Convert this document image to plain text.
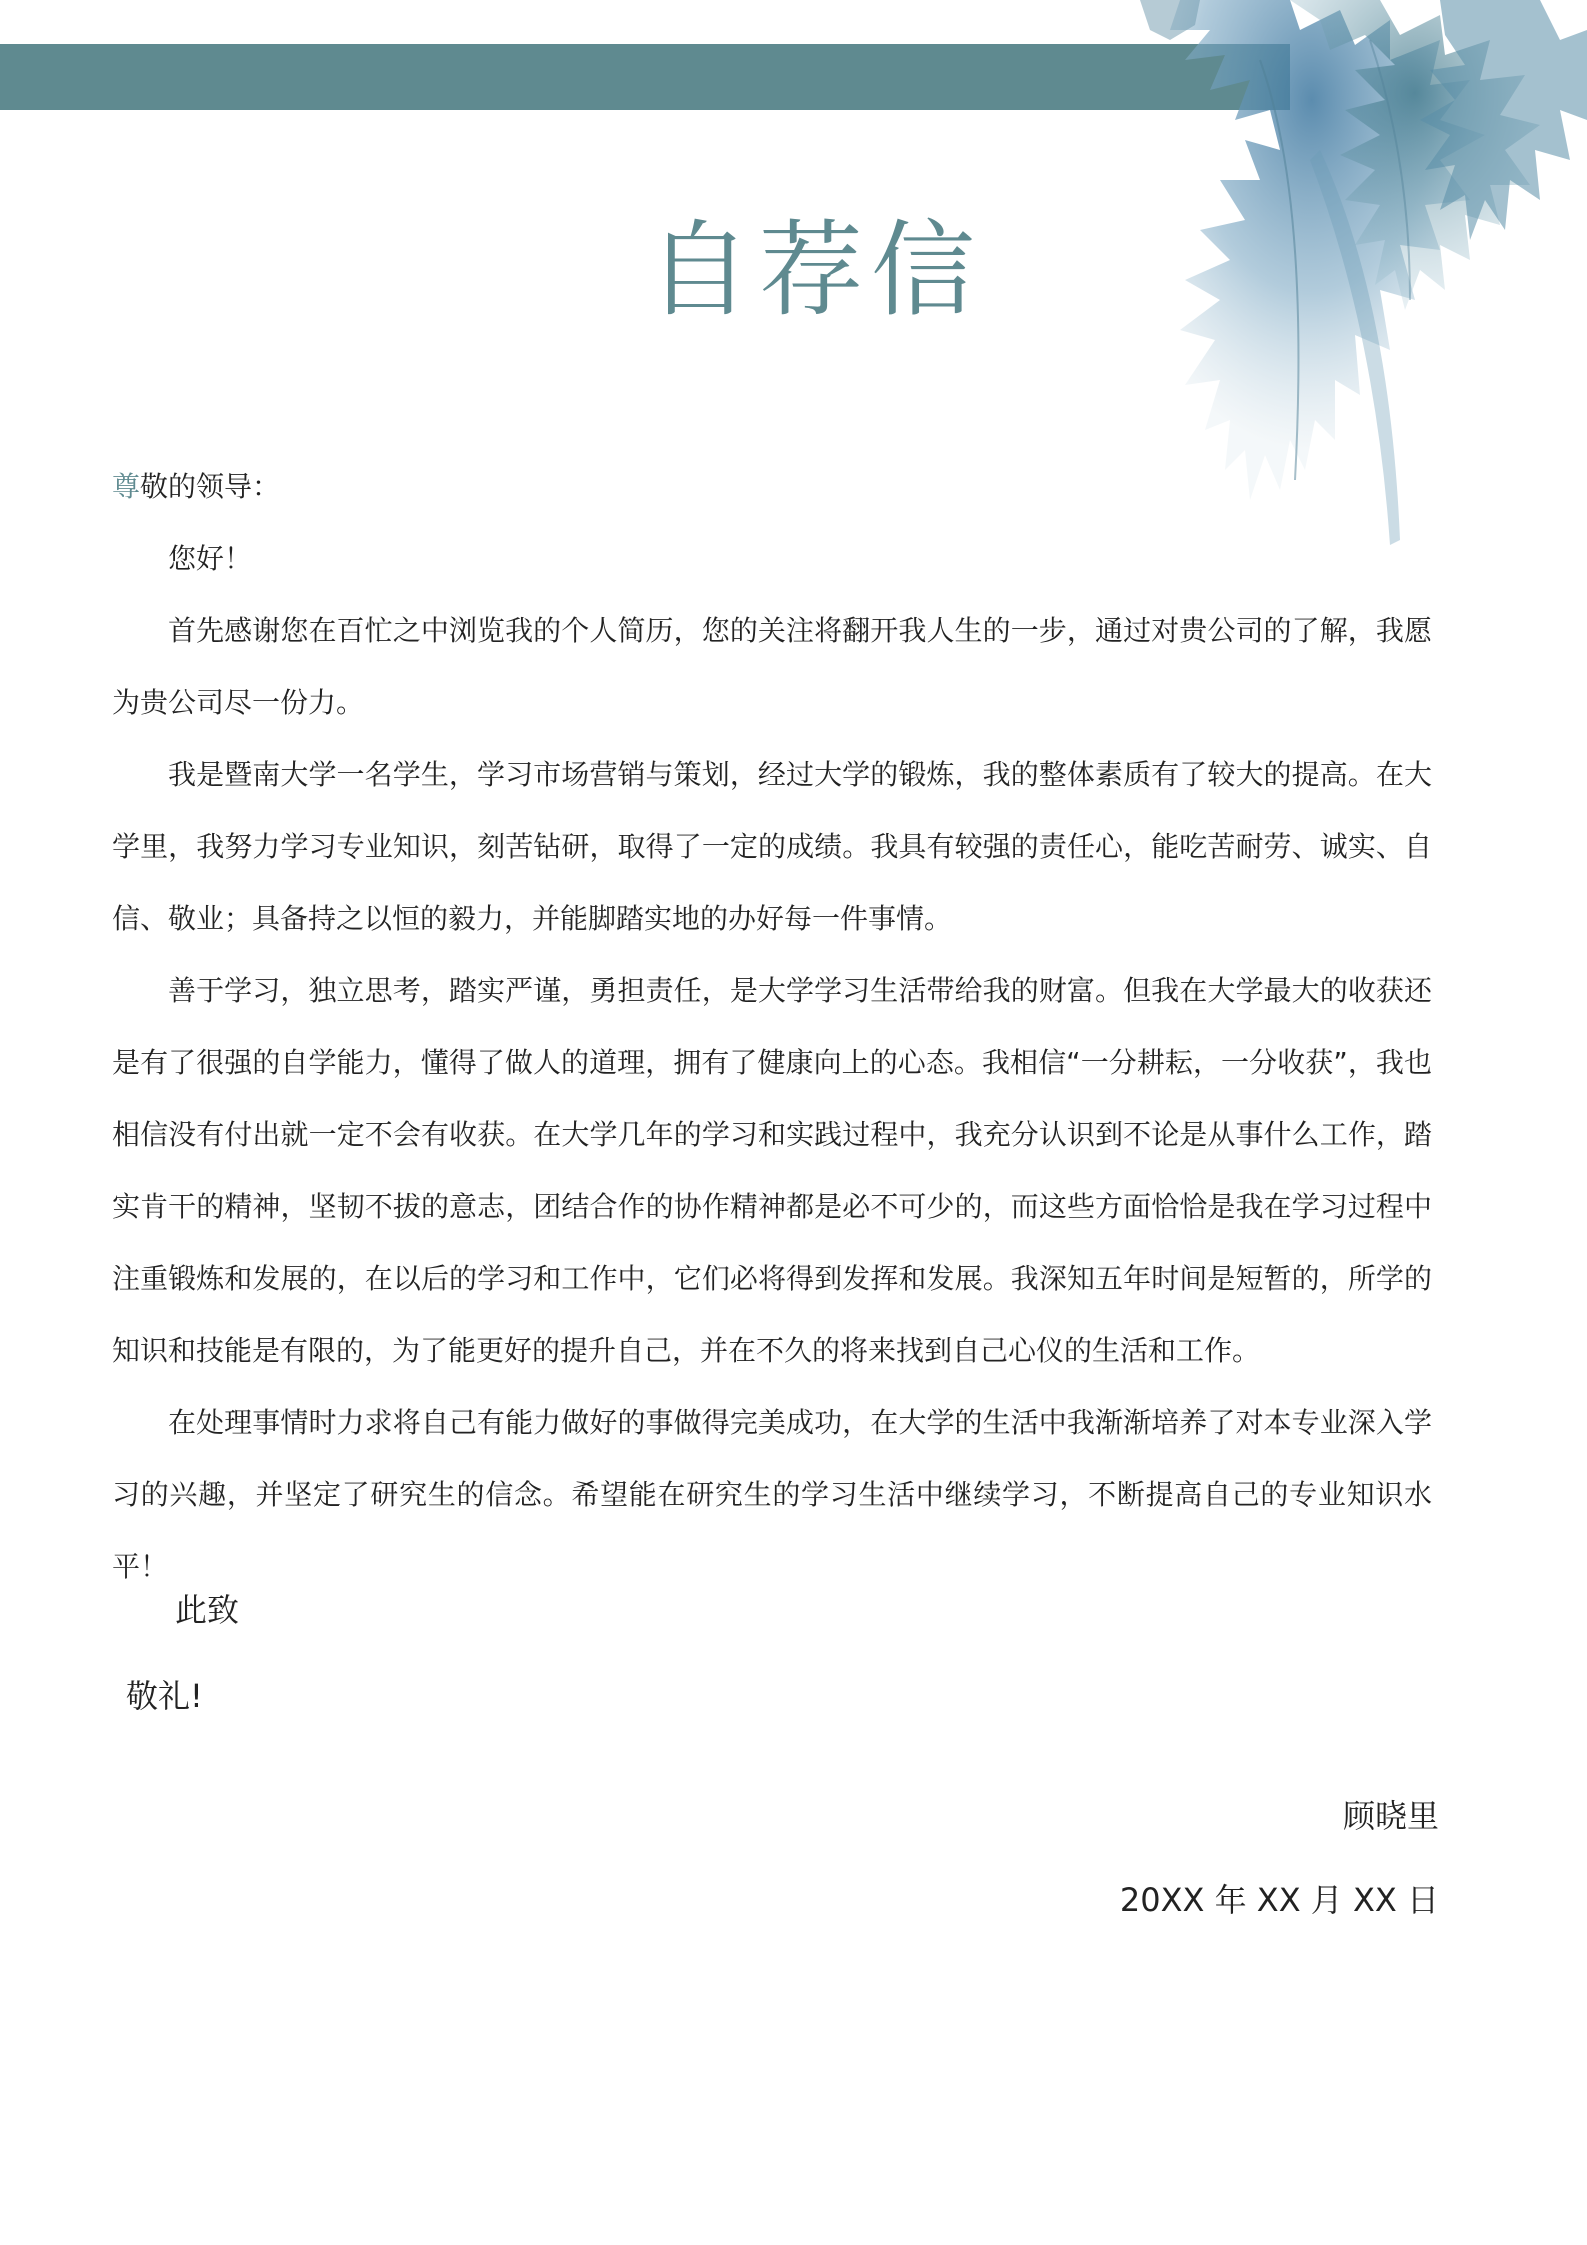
自荐信

尊敬的领导：

您好！

首先感谢您在百忙之中浏览我的个人简历，您的关注将翻开我人生的一步，通过对贵公司的了解，我愿为贵公司尽一份力。

我是暨南大学一名学生，学习市场营销与策划，经过大学的锻炼，我的整体素质有了较大的提高。在大学里，我努力学习专业知识，刻苦钻研，取得了一定的成绩。我具有较强的责任心，能吃苦耐劳、诚实、自信、敬业；具备持之以恒的毅力，并能脚踏实地的办好每一件事情。

善于学习，独立思考，踏实严谨，勇担责任，是大学学习生活带给我的财富。但我在大学最大的收获还是有了很强的自学能力，懂得了做人的道理，拥有了健康向上的心态。我相信“一分耕耘，一分收获”，我也相信没有付出就一定不会有收获。在大学几年的学习和实践过程中，我充分认识到不论是从事什么工作，踏实肯干的精神，坚韧不拔的意志，团结合作的协作精神都是必不可少的，而这些方面恰恰是我在学习过程中注重锻炼和发展的，在以后的学习和工作中，它们必将得到发挥和发展。我深知五年时间是短暂的，所学的知识和技能是有限的，为了能更好的提升自己，并在不久的将来找到自己心仪的生活和工作。

在处理事情时力求将自己有能力做好的事做得完美成功，在大学的生活中我渐渐培养了对本专业深入学习的兴趣，并坚定了研究生的信念。希望能在研究生的学习生活中继续学习，不断提高自己的专业知识水平！

此致
敬礼!
顾晓里
20XX 年 XX 月 XX 日
